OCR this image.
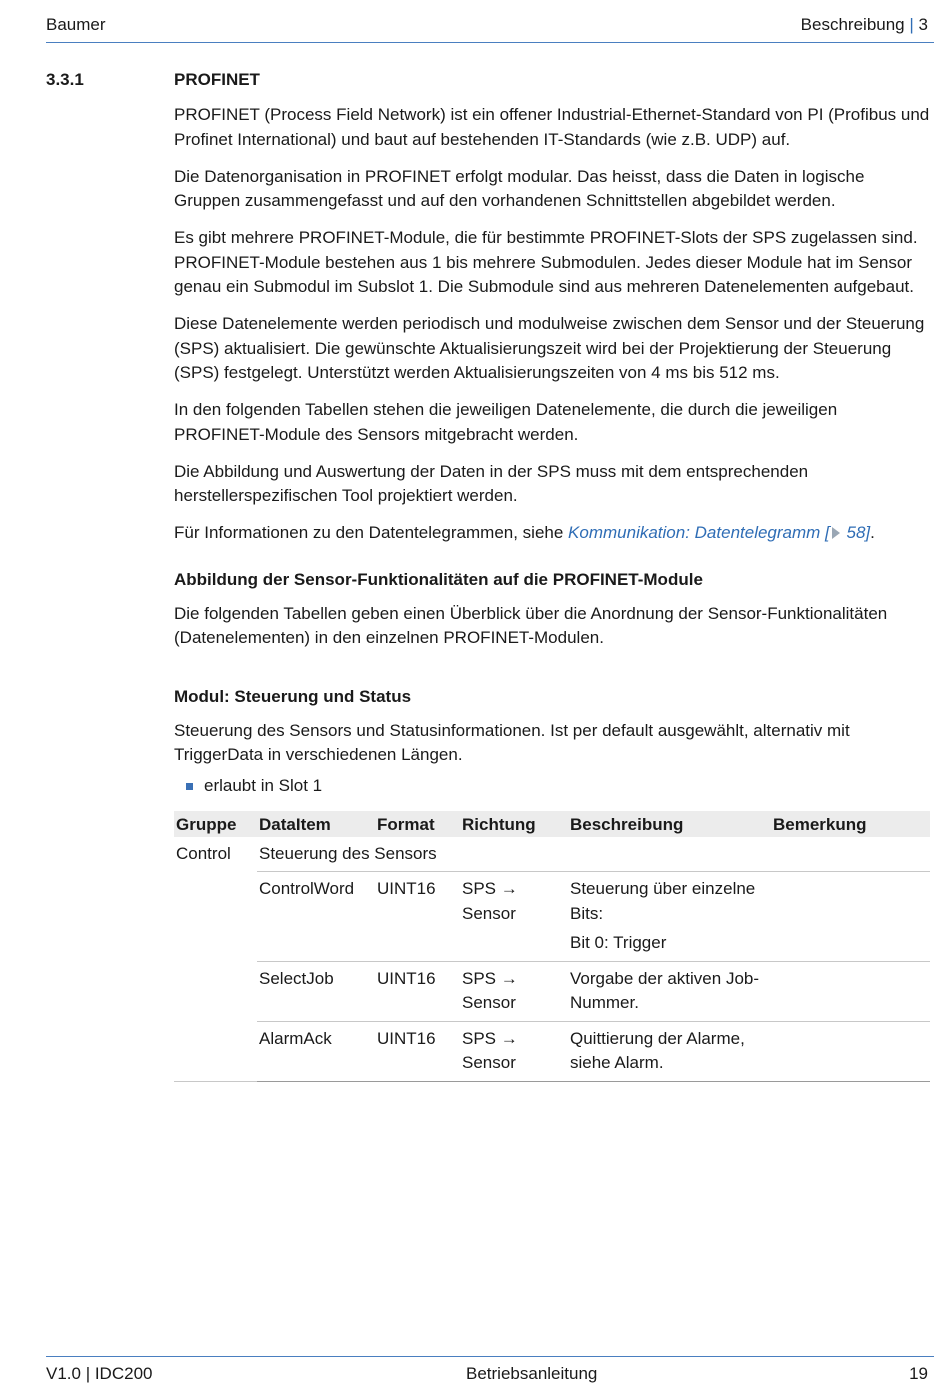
Baumer	Beschreibung | 3
3.3.1	PROFINET

PROFINET (Process Field Network) ist ein offener Industrial-Ethernet-Standard von PI (Profibus und Profinet International) und baut auf bestehenden IT-Standards (wie z.B. UDP) auf.

Die Datenorganisation in PROFINET erfolgt modular. Das heisst, dass die Daten in logische Gruppen zusammengefasst und auf den vorhandenen Schnittstellen abgebildet werden.

Es gibt mehrere PROFINET-Module, die für bestimmte PROFINET-Slots der SPS zugelassen sind. PROFINET-Module bestehen aus 1 bis mehrere Submodulen. Jedes dieser Module hat im Sensor genau ein Submodul im Subslot 1. Die Submodule sind aus mehreren Datenelementen aufgebaut.

Diese Datenelemente werden periodisch und modulweise zwischen dem Sensor und der Steuerung (SPS) aktualisiert. Die gewünschte Aktualisierungszeit wird bei der Projektierung der Steuerung (SPS) festgelegt. Unterstützt werden Aktualisierungszeiten von 4 ms bis 512 ms.

In den folgenden Tabellen stehen die jeweiligen Datenelemente, die durch die jeweiligen PROFINET-Module des Sensors mitgebracht werden.

Die Abbildung und Auswertung der Daten in der SPS muss mit dem entsprechenden herstellerspezifischen Tool projektiert werden.

Für Informationen zu den Datentelegrammen, siehe Kommunikation: Datentelegramm [ 58].

Abbildung der Sensor-Funktionalitäten auf die PROFINET-Module

Die folgenden Tabellen geben einen Überblick über die Anordnung der Sensor-Funktionalitäten (Datenelementen) in den einzelnen PROFINET-Modulen.

Modul: Steuerung und Status

Steuerung des Sensors und Statusinformationen. Ist per default ausgewählt, alternativ mit TriggerData in verschiedenen Längen.

erlaubt in Slot 1
Gruppe	DataItem	Format	Richtung	Beschreibung	Bemerkung
Control	Steuerung des Sensors				
	ControlWord	UINT16	SPS → Sensor	Steuerung über einzelne Bits:	
				Bit 0: Trigger	
	SelectJob	UINT16	SPS → Sensor	Vorgabe der aktiven Job-Nummer.	
	AlarmAck	UINT16	SPS → Sensor	Quittierung der Alarme, siehe Alarm.	
V1.0 | IDC200	Betriebsanleitung	19
